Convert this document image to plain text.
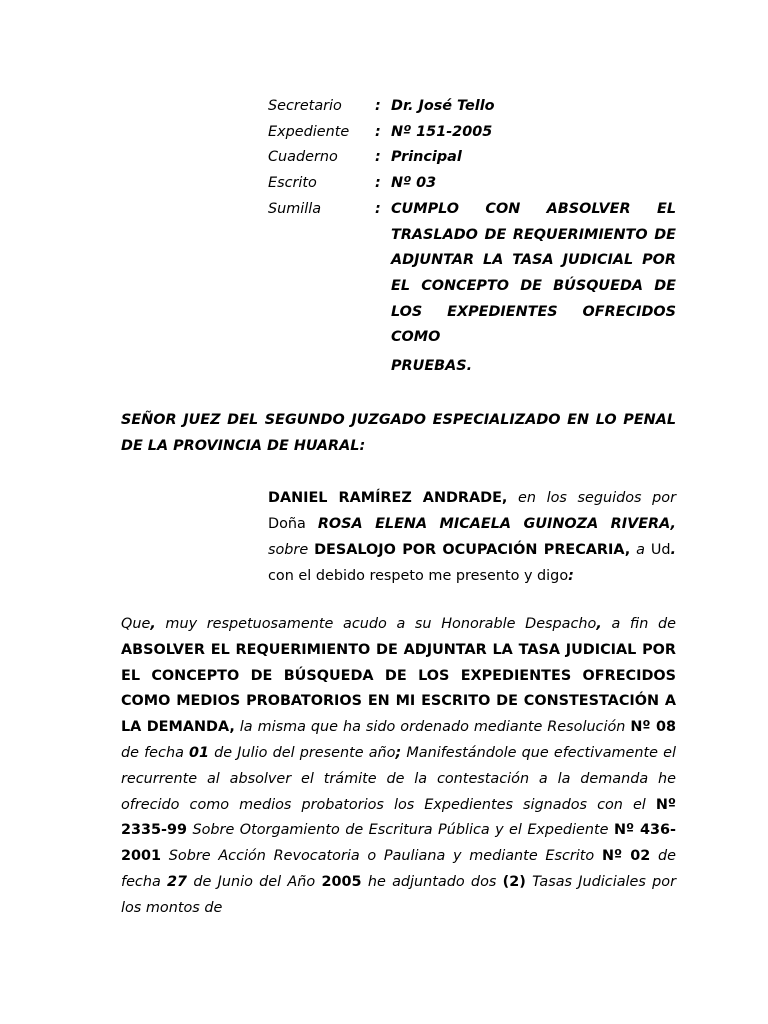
Secretario	: Dr. José Tello
Expediente	: Nº 151-2005
Cuaderno	: Principal
Escrito	: Nº 03
Sumilla	: CUMPLO CON ABSOLVER EL TRASLADO DE REQUERIMIENTO DE ADJUNTAR LA TASA JUDICIAL POR EL CONCEPTO DE BÚSQUEDA DE LOS EXPEDIENTES OFRECIDOS COMO
PRUEBAS.
SEÑOR JUEZ DEL SEGUNDO JUZGADO ESPECIALIZADO EN LO PENAL DE LA PROVINCIA DE HUARAL:
DANIEL RAMÍREZ ANDRADE, en los seguidos por Doña ROSA ELENA MICAELA GUINOZA RIVERA, sobre DESALOJO POR OCUPACIÓN PRECARIA, a Ud. con el debido respeto me presento y digo:
Que, muy respetuosamente acudo a su Honorable Despacho, a fin de ABSOLVER EL REQUERIMIENTO DE ADJUNTAR LA TASA JUDICIAL POR EL CONCEPTO DE BÚSQUEDA DE LOS EXPEDIENTES OFRECIDOS COMO MEDIOS PROBATORIOS EN MI ESCRITO DE CONSTESTACIÓN A LA DEMANDA, la misma que ha sido ordenado mediante Resolución Nº 08 de fecha 01 de Julio del presente año; Manifestándole que efectivamente el recurrente al absolver el trámite de la contestación a la demanda he ofrecido como medios probatorios los Expedientes signados con el Nº 2335-99 Sobre Otorgamiento de Escritura Pública y el Expediente Nº 436-2001 Sobre Acción Revocatoria o Pauliana y mediante Escrito Nº 02 de fecha 27 de Junio del Año 2005 he adjuntado dos (2) Tasas Judiciales por los montos de
